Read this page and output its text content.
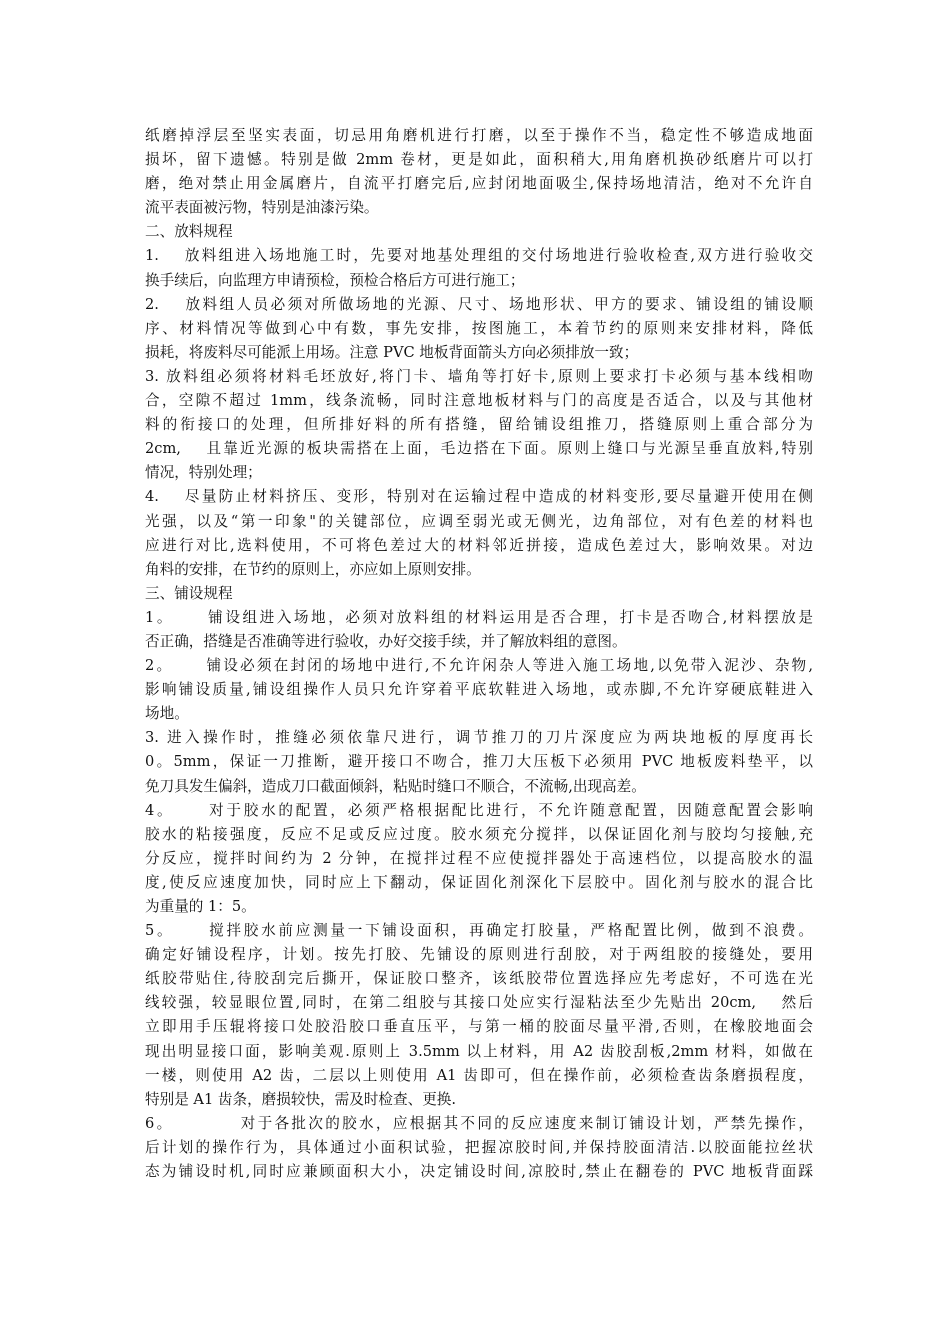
纸磨掉浮层至坚实表面，切忌用角磨机进行打磨，以至于操作不当，稳定性不够造成地面

损坏，留下遗憾。特别是做 2mm 卷材，更是如此，面积稍大,用角磨机换砂纸磨片可以打

磨，绝对禁止用金属磨片，自流平打磨完后,应封闭地面吸尘,保持场地清洁，绝对不允许自

流平表面被污物，特别是油漆污染。

二、放料规程

1.　 放料组进入场地施工时，先要对地基处理组的交付场地进行验收检查,双方进行验收交

换手续后，向监理方申请预检，预检合格后方可进行施工；

2.　 放料组人员必须对所做场地的光源、尺寸、场地形状、甲方的要求、铺设组的铺设顺

序、材料情况等做到心中有数，事先安排，按图施工，本着节约的原则来安排材料，降低

损耗，将废料尽可能派上用场。注意 PVC 地板背面箭头方向必须排放一致；

3. 放料组必须将材料毛坯放好,将门卡、墙角等打好卡,原则上要求打卡必须与基本线相吻

合，空隙不超过 1mm，线条流畅，同时注意地板材料与门的高度是否适合，以及与其他材

料的衔接口的处理，但所排好料的所有搭缝，留给铺设组推刀，搭缝原则上重合部分为

2cm,　 且靠近光源的板块需搭在上面，毛边搭在下面。原则上缝口与光源呈垂直放料,特别

情况，特别处理；

4.　 尽量防止材料挤压、变形，特别对在运输过程中造成的材料变形,要尽量避开使用在侧

光强，以及“第一印象"的关键部位，应调至弱光或无侧光，边角部位，对有色差的材料也

应进行对比,选料使用，不可将色差过大的材料邻近拼接，造成色差过大，影响效果。对边

角料的安排，在节约的原则上，亦应如上原则安排。

三、铺设规程

1。　　 铺设组进入场地，必须对放料组的材料运用是否合理，打卡是否吻合,材料摆放是

否正确，搭缝是否准确等进行验收，办好交接手续，并了解放料组的意图。

2。　　 铺设必须在封闭的场地中进行,不允许闲杂人等进入施工场地,以免带入泥沙、杂物,

影响铺设质量,铺设组操作人员只允许穿着平底软鞋进入场地，或赤脚,不允许穿硬底鞋进入

场地。

3. 进入操作时，推缝必须依靠尺进行，调节推刀的刀片深度应为两块地板的厚度再长

0。5mm，保证一刀推断，避开接口不吻合，推刀大压板下必须用 PVC 地板废料垫平，以

免刀具发生偏斜，造成刀口截面倾斜，粘贴时缝口不顺合，不流畅,出现高差。

4。　　 对于胶水的配置，必须严格根据配比进行，不允许随意配置，因随意配置会影响

胶水的粘接强度，反应不足或反应过度。胶水须充分搅拌，以保证固化剂与胶均匀接触,充

分反应，搅拌时间约为 2 分钟，在搅拌过程不应使搅拌器处于高速档位，以提高胶水的温

度,使反应速度加快，同时应上下翻动，保证固化剂深化下层胶中。固化剂与胶水的混合比

为重量的 1：5。

5。　　 搅拌胶水前应测量一下铺设面积，再确定打胶量，严格配置比例，做到不浪费。

确定好铺设程序，计划。按先打胶、先铺设的原则进行刮胶，对于两组胶的接缝处，要用

纸胶带贴住,待胶刮完后撕开，保证胶口整齐，该纸胶带位置选择应先考虑好，不可选在光

线较强，较显眼位置,同时，在第二组胶与其接口处应实行湿粘法至少先贴出 20cm,　 然后

立即用手压辊将接口处胶沿胶口垂直压平，与第一桶的胶面尽量平滑,否则，在橡胶地面会

现出明显接口面，影响美观.原则上 3.5mm 以上材料，用 A2 齿胶刮板,2mm 材料，如做在

一楼，则使用 A2 齿，二层以上则使用 A1 齿即可，但在操作前，必须检查齿条磨损程度，

特别是 A1 齿条，磨损较快，需及时检查、更换.

6。　　　　 对于各批次的胶水，应根据其不同的反应速度来制订铺设计划，严禁先操作，

后计划的操作行为，具体通过小面积试验，把握凉胶时间,并保持胶面清洁.以胶面能拉丝状

态为铺设时机,同时应兼顾面积大小，决定铺设时间,凉胶时,禁止在翻卷的 PVC 地板背面踩
